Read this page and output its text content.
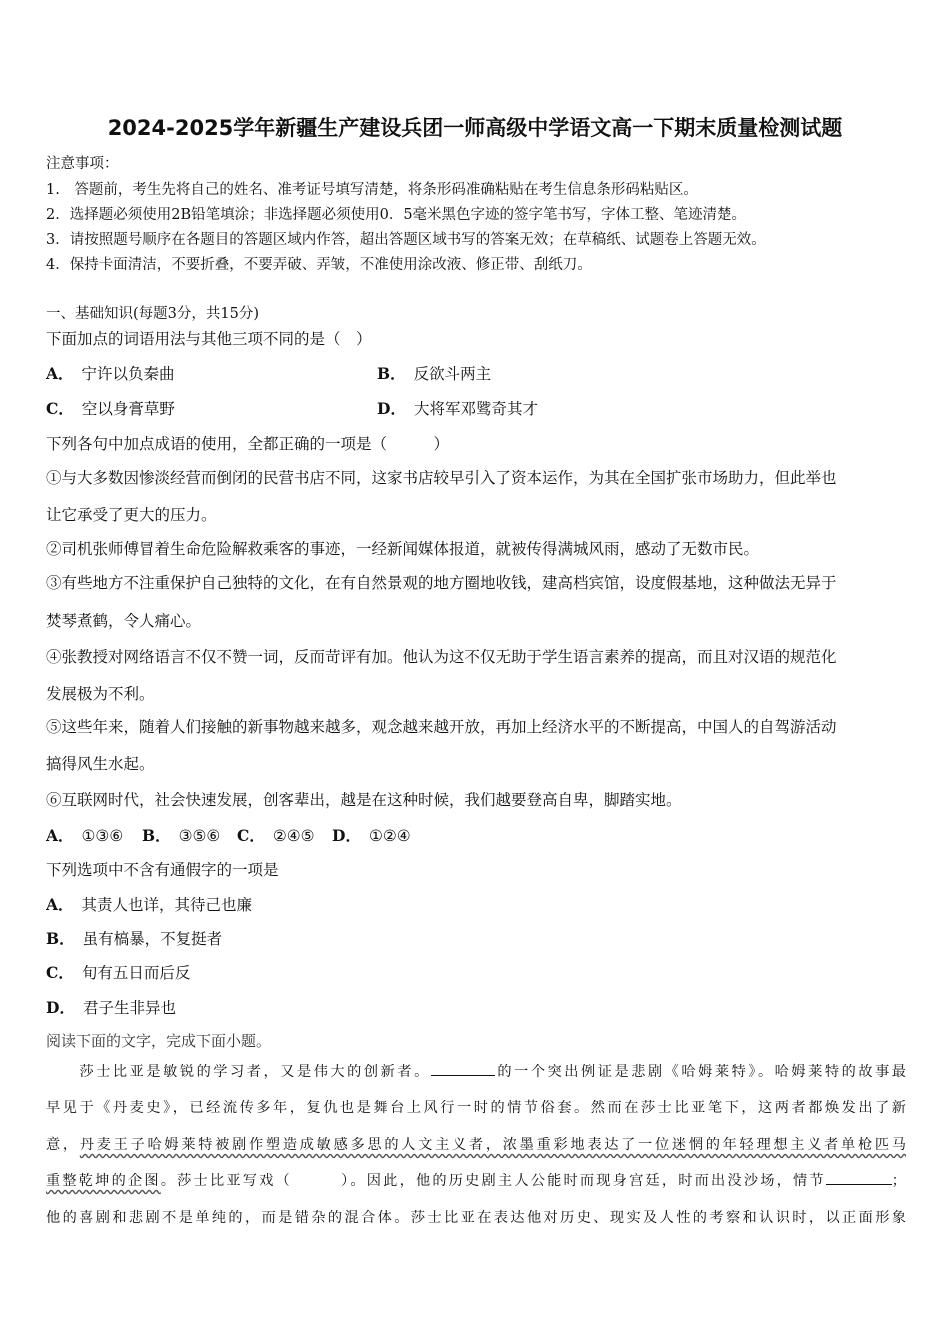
2024-2025学年新疆生产建设兵团一师高级中学语文高一下期末质量检测试题
注意事项：
1.　答题前，考生先将自己的姓名、准考证号填写清楚，将条形码准确粘贴在考生信息条形码粘贴区。
2．选择题必须使用2B铅笔填涂；非选择题必须使用0．5毫米黑色字迹的签字笔书写，字体工整、笔迹清楚。
3．请按照题号顺序在各题目的答题区域内作答，超出答题区域书写的答案无效；在草稿纸、试题卷上答题无效。
4．保持卡面清洁，不要折叠，不要弄破、弄皱，不准使用涂改液、修正带、刮纸刀。
一、基础知识(每题3分，共15分)
下面加点的词语用法与其他三项不同的是（　）
A． 宁许以负秦曲	B． 反欲斗两主
C． 空以身膏草野	D． 大将军邓骘奇其才
下列各句中加点成语的使用，全都正确的一项是（　　　）
①与大多数因惨淡经营而倒闭的民营书店不同，这家书店较早引入了资本运作，为其在全国扩张市场助力，但此举也
让它承受了更大的压力。
②司机张师傅冒着生命危险解救乘客的事迹，一经新闻媒体报道，就被传得满城风雨，感动了无数市民。
③有些地方不注重保护自己独特的文化，在有自然景观的地方圈地收钱，建高档宾馆，设度假基地，这种做法无异于
焚琴煮鹤，令人痛心。
④张教授对网络语言不仅不赞一词，反而苛评有加。他认为这不仅无助于学生语言素养的提高，而且对汉语的规范化
发展极为不利。
⑤这些年来，随着人们接触的新事物越来越多，观念越来越开放，再加上经济水平的不断提高，中国人的自驾游活动
搞得风生水起。
⑥互联网时代，社会快速发展，创客辈出，越是在这种时候，我们越要登高自卑，脚踏实地。
A． ①③⑥ B． ③⑤⑥ C． ②④⑤ D． ①②④
下列选项中不含有通假字的一项是
A． 其责人也详，其待己也廉
B． 虽有槁暴，不复挺者
C． 旬有五日而后反
D． 君子生非异也
阅读下面的文字，完成下面小题。
　　莎士比亚是敏锐的学习者，又是伟大的创新者。	的一个突出例证是悲剧《哈姆莱特》。哈姆莱特的故事最
早见于《丹麦史》，已经流传多年，复仇也是舞台上风行一时的情节俗套。然而在莎士比亚笔下，这两者都焕发出了新
意，丹麦王子哈姆莱特被剧作塑造成敏感多思的人文主义者，浓墨重彩地表达了一位迷惘的年轻理想主义者单枪匹马
重整乾坤的企图。莎士比亚写戏（　　　）。因此，他的历史剧主人公能时而现身宫廷，时而出没沙场，情节	；
他的喜剧和悲剧不是单纯的，而是错杂的混合体。莎士比亚在表达他对历史、现实及人性的考察和认识时，以正面形象
